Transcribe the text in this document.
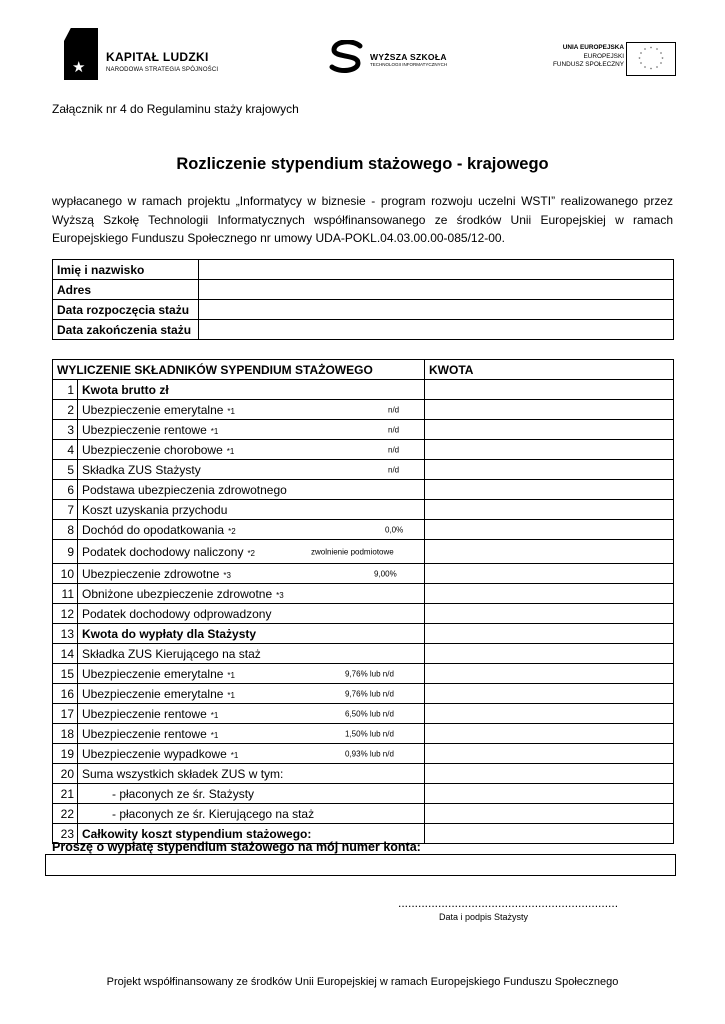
★
KAPITAŁ LUDZKI
NARODOWA STRATEGIA SPÓJNOŚCI
WYŻSZA SZKOŁA
TECHNOLOGII INFORMATYCZNYCH
UNIA EUROPEJSKA
EUROPEJSKI
FUNDUSZ SPOŁECZNY
* *
*
*
*
*
*
*
*
*
*
*
Załącznik nr 4 do Regulaminu staży krajowych
Rozliczenie stypendium stażowego - krajowego

wypłacanego w ramach projektu „Informatycy w biznesie - program rozwoju uczelni WSTI” realizowanego przez Wyższą Szkołę Technologii Informatycznych współfinansowanego ze środków Unii Europejskiej w ramach Europejskiego Funduszu Społecznego nr umowy UDA-POKL.04.03.00.00-085/12-00.

Imię i nazwisko	
Adres	
Data rozpoczęcia stażu	
Data zakończenia stażu	
WYLICZENIE SKŁADNIKÓW SYPENDIUM STAŻOWEGO		KWOTA
1	Kwota brutto zł	
2	Ubezpieczenie emerytalne *1 n/d	

3	Ubezpieczenie rentowe *1 n/d	

4	Ubezpieczenie chorobowe *1 n/d	

5	Składka ZUS Stażysty n/d	

6	Podstawa ubezpieczenia zdrowotnego	
7	Koszt uzyskania przychodu	
8	Dochód do opodatkowania *2 0,0%	

9	Podatek dochodowy naliczony *2 zwolnienie podmiotowe	

10	Ubezpieczenie zdrowotne *3 9,00%	

11	Obniżone ubezpieczenie zdrowotne *3	
12	Podatek dochodowy odprowadzony	
13	Kwota do wypłaty dla Stażysty	
14	Składka ZUS Kierującego na staż	
15	Ubezpieczenie emerytalne *1 9,76% lub n/d	

16	Ubezpieczenie emerytalne *1 9,76% lub n/d	

17	Ubezpieczenie rentowe *1 6,50% lub n/d	

18	Ubezpieczenie rentowe *1 1,50% lub n/d	

19	Ubezpieczenie wypadkowe *1 0,93% lub n/d	

20	Suma wszystkich składek ZUS w tym:	
21	- płaconych ze śr. Stażysty	
22	- płaconych ze śr. Kierującego na staż	
23	Całkowity koszt stypendium stażowego:	
Proszę o wypłatę stypendium stażowego na mój numer konta:
..................................................................
Data i podpis Stażysty
Projekt współfinansowany ze środków Unii Europejskiej w ramach Europejskiego Funduszu Społecznego
